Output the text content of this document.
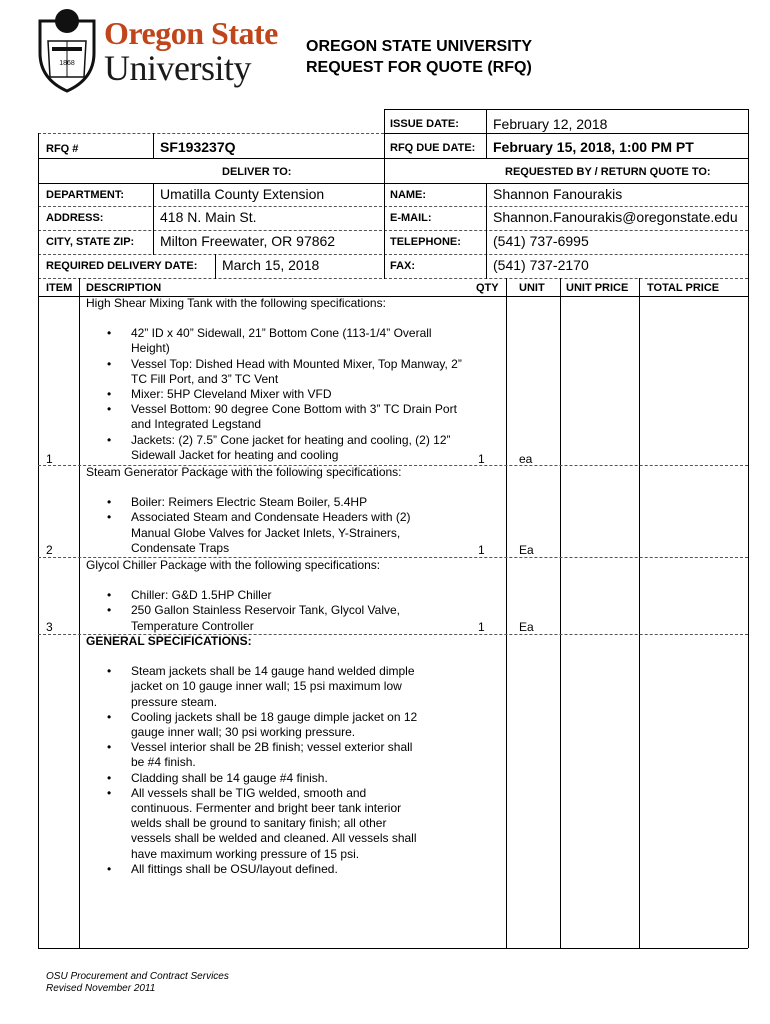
1868
Oregon State
University
OREGON STATE UNIVERSITY
REQUEST FOR QUOTE (RFQ)
ISSUE DATE: February 12, 2018
RFQ #	SF193237Q	RFQ DUE DATE: February 15, 2018, 1:00 PM PT
DELIVER TO:	REQUESTED BY / RETURN QUOTE TO:
DEPARTMENT:	Umatilla County Extension	NAME:	Shannon Fanourakis
ADDRESS:	418 N. Main St.	E-MAIL:	Shannon.Fanourakis@oregonstate.edu
CITY, STATE ZIP: Milton Freewater, OR 97862	TELEPHONE: (541) 737-6995
REQUIRED DELIVERY DATE: March 15, 2018	FAX:	(541) 737-2170
ITEM DESCRIPTION	QTY UNIT UNIT PRICE TOTAL PRICE
High Shear Mixing Tank with the following specifications:
• 42” ID x 40” Sidewall, 21” Bottom Cone (113-1/4” Overall Height)
• Vessel Top: Dished Head with Mounted Mixer, Top Manway, 2” TC Fill Port, and 3” TC Vent
• Mixer: 5HP Cleveland Mixer with VFD
• Vessel Bottom: 90 degree Cone Bottom with 3” TC Drain Port and Integrated Legstand
• Jackets: (2) 7.5” Cone jacket for heating and cooling, (2) 12” Sidewall Jacket for heating and cooling
1	1	ea
Steam Generator Package with the following specifications:
• Boiler: Reimers Electric Steam Boiler, 5.4HP
• Associated Steam and Condensate Headers with (2) Manual Globe Valves for Jacket Inlets, Y-Strainers, Condensate Traps
2	1	Ea
Glycol Chiller Package with the following specifications:
• Chiller: G&D 1.5HP Chiller
• 250 Gallon Stainless Reservoir Tank, Glycol Valve, Temperature Controller
3	1	Ea
GENERAL SPECIFICATIONS:
• Steam jackets shall be 14 gauge hand welded dimple jacket on 10 gauge inner wall; 15 psi maximum low pressure steam.
• Cooling jackets shall be 18 gauge dimple jacket on 12 gauge inner wall; 30 psi working pressure.
• Vessel interior shall be 2B finish; vessel exterior shall be #4 finish.
• Cladding shall be 14 gauge #4 finish.
• All vessels shall be TIG welded, smooth and continuous. Fermenter and bright beer tank interior welds shall be ground to sanitary finish; all other vessels shall be welded and cleaned. All vessels shall have maximum working pressure of 15 psi.
• All fittings shall be OSU/layout defined.
OSU Procurement and Contract Services
Revised November 2011
